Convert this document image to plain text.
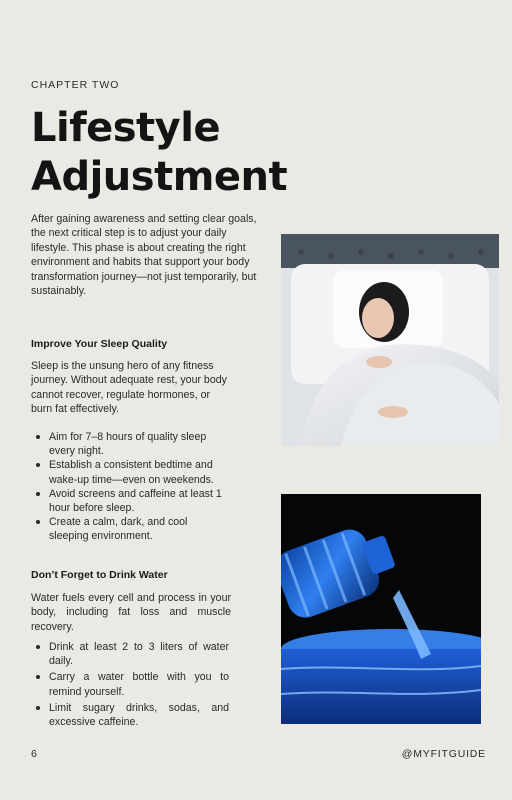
CHAPTER TWO
Lifestyle
Adjustment

After gaining awareness and setting clear goals, the next critical step is to adjust your daily lifestyle. This phase is about creating the right environment and habits that support your body transformation journey—not just temporarily, but sustainably.

Improve Your Sleep Quality

Sleep is the unsung hero of any fitness journey. Without adequate rest, your body cannot recover, regulate hormones, or burn fat effectively.

Aim for 7–8 hours of quality sleep every night.
Establish a consistent bedtime and wake-up time—even on weekends.
Avoid screens and caffeine at least 1 hour before sleep.
Create a calm, dark, and cool sleeping environment.
Don’t Forget to Drink Water

Water fuels every cell and process in your body, including fat loss and muscle recovery.

Drink at least 2 to 3 liters of water daily.
Carry a water bottle with you to remind yourself.
Limit sugary drinks, sodas, and excessive caffeine.
6	@MYFITGUIDE
